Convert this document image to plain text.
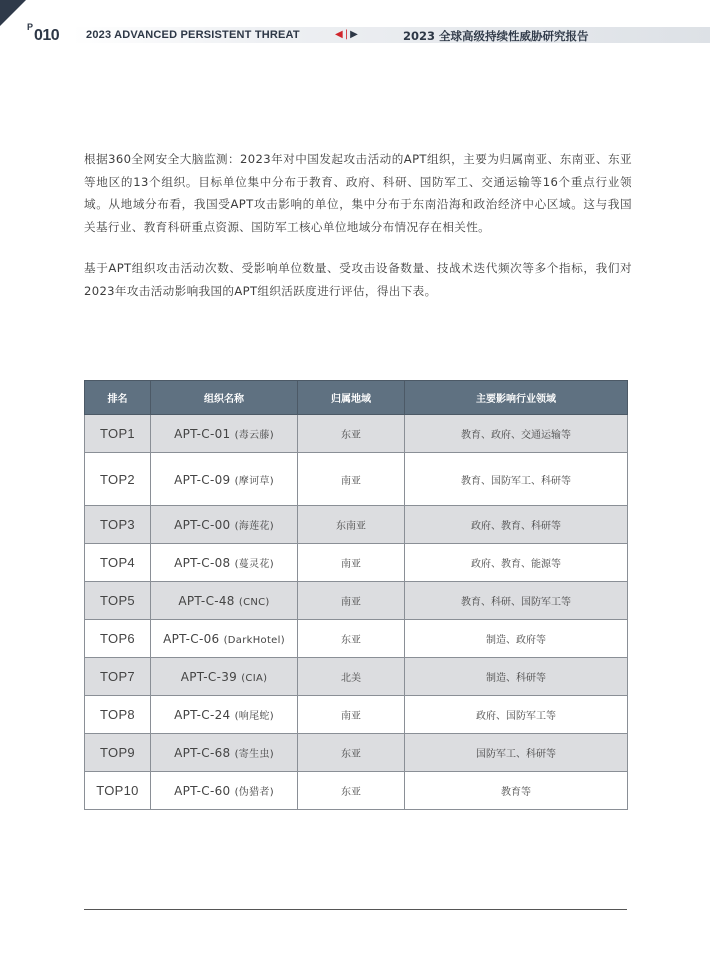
P 010 2023 ADVANCED PERSISTENT THREAT	◀ | ▶	2023 全球高级持续性威胁研究报告

根据360全网安全大脑监测：2023年对中国发起攻击活动的APT组织，主要为归属南亚、东南亚、东亚等地区的13个组织。目标单位集中分布于教育、政府、科研、国防军工、交通运输等16个重点行业领域。从地域分布看，我国受APT攻击影响的单位，集中分布于东南沿海和政治经济中心区域。这与我国关基行业、教育科研重点资源、国防军工核心单位地域分布情况存在相关性。

基于APT组织攻击活动次数、受影响单位数量、受攻击设备数量、技战术迭代频次等多个指标，我们对2023年攻击活动影响我国的APT组织活跃度进行评估，得出下表。

排名	组织名称	归属地域	主要影响行业领域
TOP1	APT-C-01 (毒云藤)	东亚	教育、政府、交通运输等
TOP2	APT-C-09 (摩诃草)	南亚	教育、国防军工、科研等
TOP3	APT-C-00 (海莲花)	东南亚	政府、教育、科研等
TOP4	APT-C-08 (蔓灵花)	南亚	政府、教育、能源等
TOP5	APT-C-48 (CNC)	南亚	教育、科研、国防军工等
TOP6	APT-C-06 (DarkHotel)	东亚	制造、政府等
TOP7	APT-C-39 (CIA)	北美	制造、科研等
TOP8	APT-C-24 (响尾蛇)	南亚	政府、国防军工等
TOP9	APT-C-68 (寄生虫)	东亚	国防军工、科研等
TOP10	APT-C-60 (伪猎者)	东亚	教育等
